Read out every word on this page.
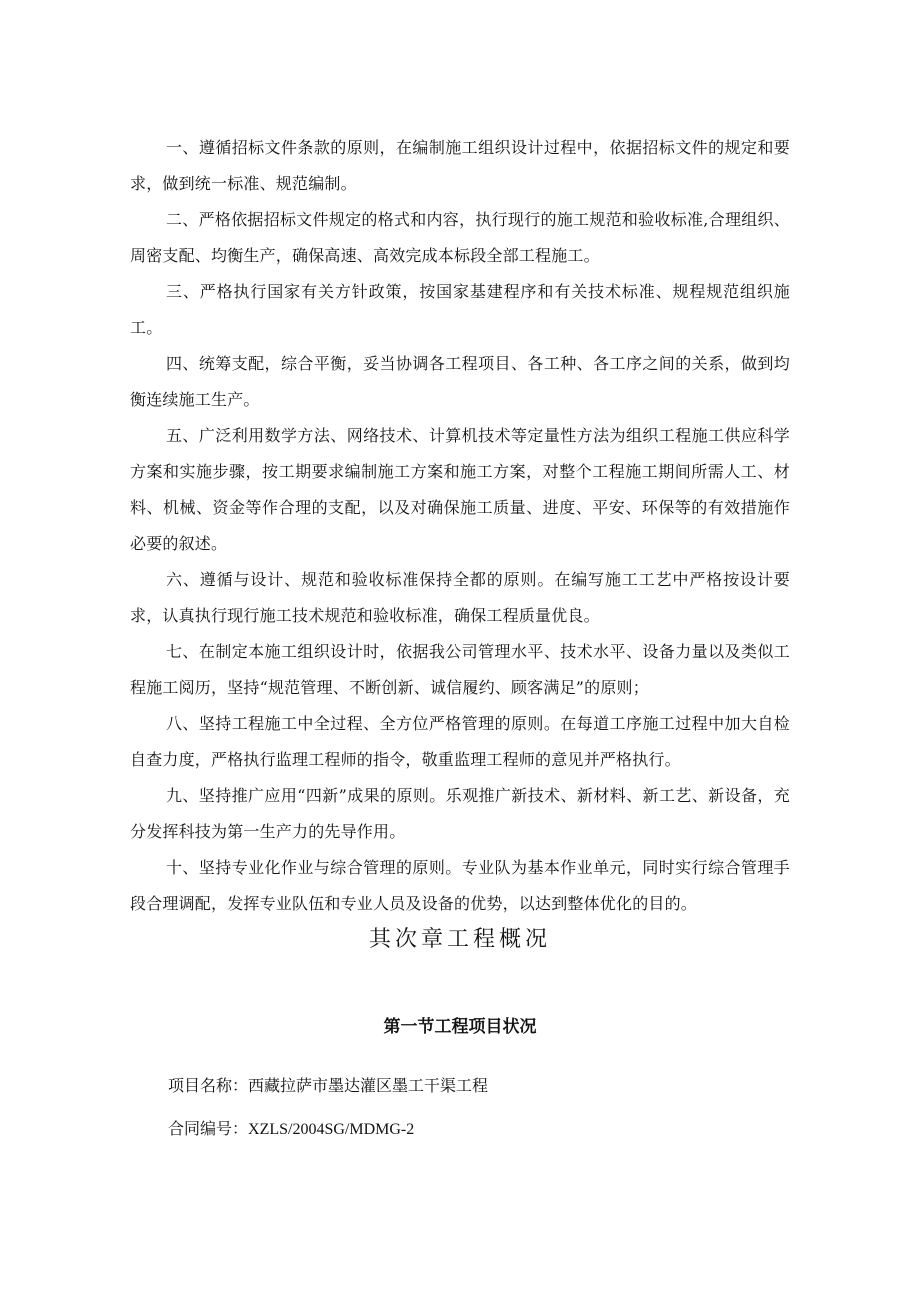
一、遵循招标文件条款的原则，在编制施工组织设计过程中，依据招标文件的规定和要求，做到统一标准、规范编制。

二、严格依据招标文件规定的格式和内容，执行现行的施工规范和验收标准,合理组织、周密支配、均衡生产，确保高速、高效完成本标段全部工程施工。

三、严格执行国家有关方针政策，按国家基建程序和有关技术标准、规程规范组织施工。

四、统筹支配，综合平衡，妥当协调各工程项目、各工种、各工序之间的关系，做到均衡连续施工生产。

五、广泛利用数学方法、网络技术、计算机技术等定量性方法为组织工程施工供应科学方案和实施步骤，按工期要求编制施工方案和施工方案，对整个工程施工期间所需人工、材料、机械、资金等作合理的支配，以及对确保施工质量、进度、平安、环保等的有效措施作必要的叙述。

六、遵循与设计、规范和验收标准保持全都的原则。在编写施工工艺中严格按设计要求，认真执行现行施工技术规范和验收标准，确保工程质量优良。

七、在制定本施工组织设计时，依据我公司管理水平、技术水平、设备力量以及类似工程施工阅历，坚持“规范管理、不断创新、诚信履约、顾客满足”的原则；

八、坚持工程施工中全过程、全方位严格管理的原则。在每道工序施工过程中加大自检自查力度，严格执行监理工程师的指令，敬重监理工程师的意见并严格执行。

九、坚持推广应用“四新”成果的原则。乐观推广新技术、新材料、新工艺、新设备，充分发挥科技为第一生产力的先导作用。

十、坚持专业化作业与综合管理的原则。专业队为基本作业单元，同时实行综合管理手段合理调配，发挥专业队伍和专业人员及设备的优势，以达到整体优化的目的。

其次章工程概况
第一节工程项目状况
项目名称：西藏拉萨市墨达灌区墨工干渠工程
合同编号：XZLS/2004SG/MDMG-2
